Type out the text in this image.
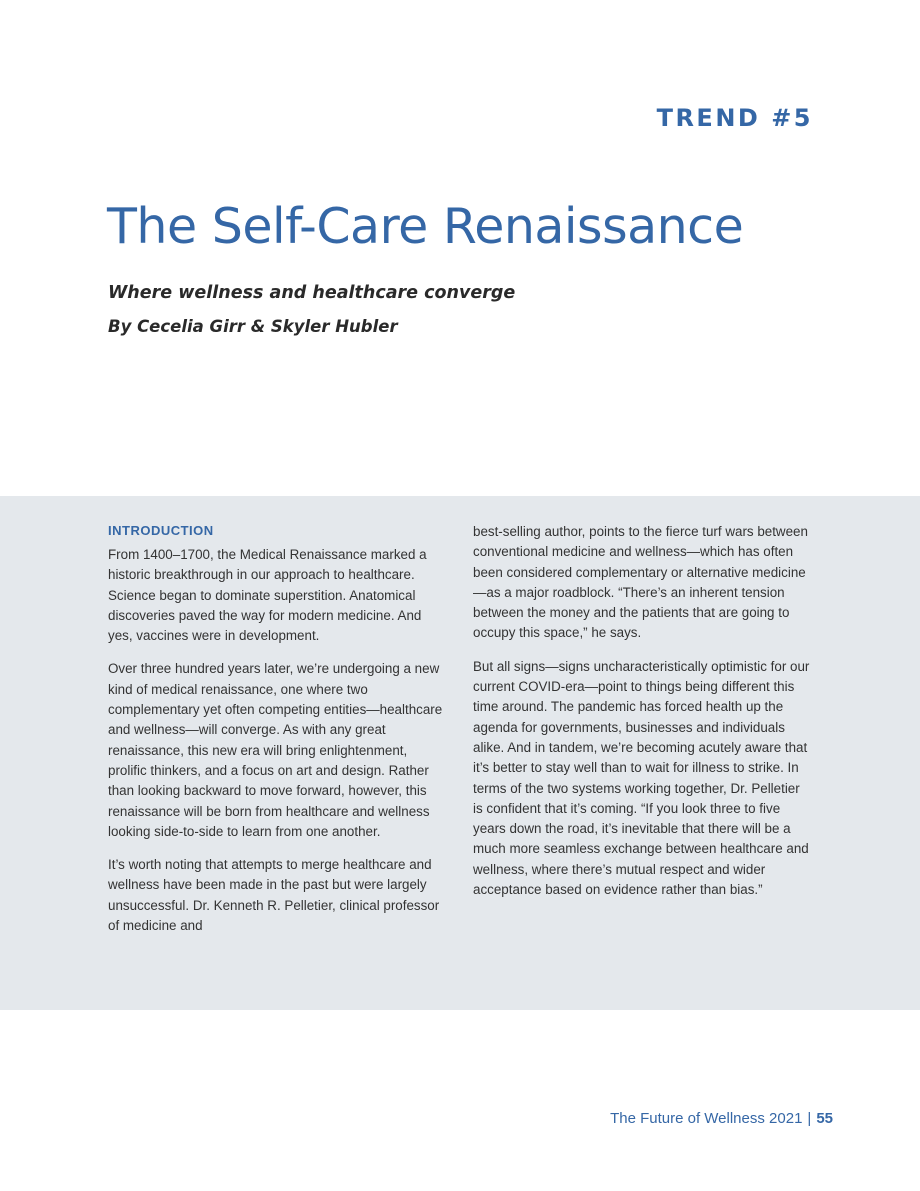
TREND #5
The Self-Care Renaissance

Where wellness and healthcare converge

By Cecelia Girr & Skyler Hubler

INTRODUCTION

From 1400–1700, the Medical Renaissance marked a historic breakthrough in our approach to healthcare. Science began to dominate superstition. Anatomical discoveries paved the way for modern medicine. And yes, vaccines were in development.

Over three hundred years later, we’re undergoing a new kind of medical renaissance, one where two complementary yet often competing entities—healthcare and wellness—will converge. As with any great renaissance, this new era will bring enlightenment, prolific thinkers, and a focus on art and design. Rather than looking backward to move forward, however, this renaissance will be born from healthcare and wellness looking side-to-side to learn from one another.

It’s worth noting that attempts to merge healthcare and wellness have been made in the past but were largely unsuccessful. Dr. Kenneth R. Pelletier, clinical professor of medicine and

best-selling author, points to the fierce turf wars between conventional medicine and wellness—which has often been considered complementary or alternative medicine—as a major roadblock. “There’s an inherent tension between the money and the patients that are going to occupy this space,” he says.

But all signs—signs uncharacteristically optimistic for our current COVID-era—point to things being different this time around. The pandemic has forced health up the agenda for governments, businesses and individuals alike. And in tandem, we’re becoming acutely aware that it’s better to stay well than to wait for illness to strike. In terms of the two systems working together, Dr. Pelletier is confident that it’s coming. “If you look three to five years down the road, it’s inevitable that there will be a much more seamless exchange between healthcare and wellness, where there’s mutual respect and wider acceptance based on evidence rather than bias.”

The Future of Wellness 2021 | 55
